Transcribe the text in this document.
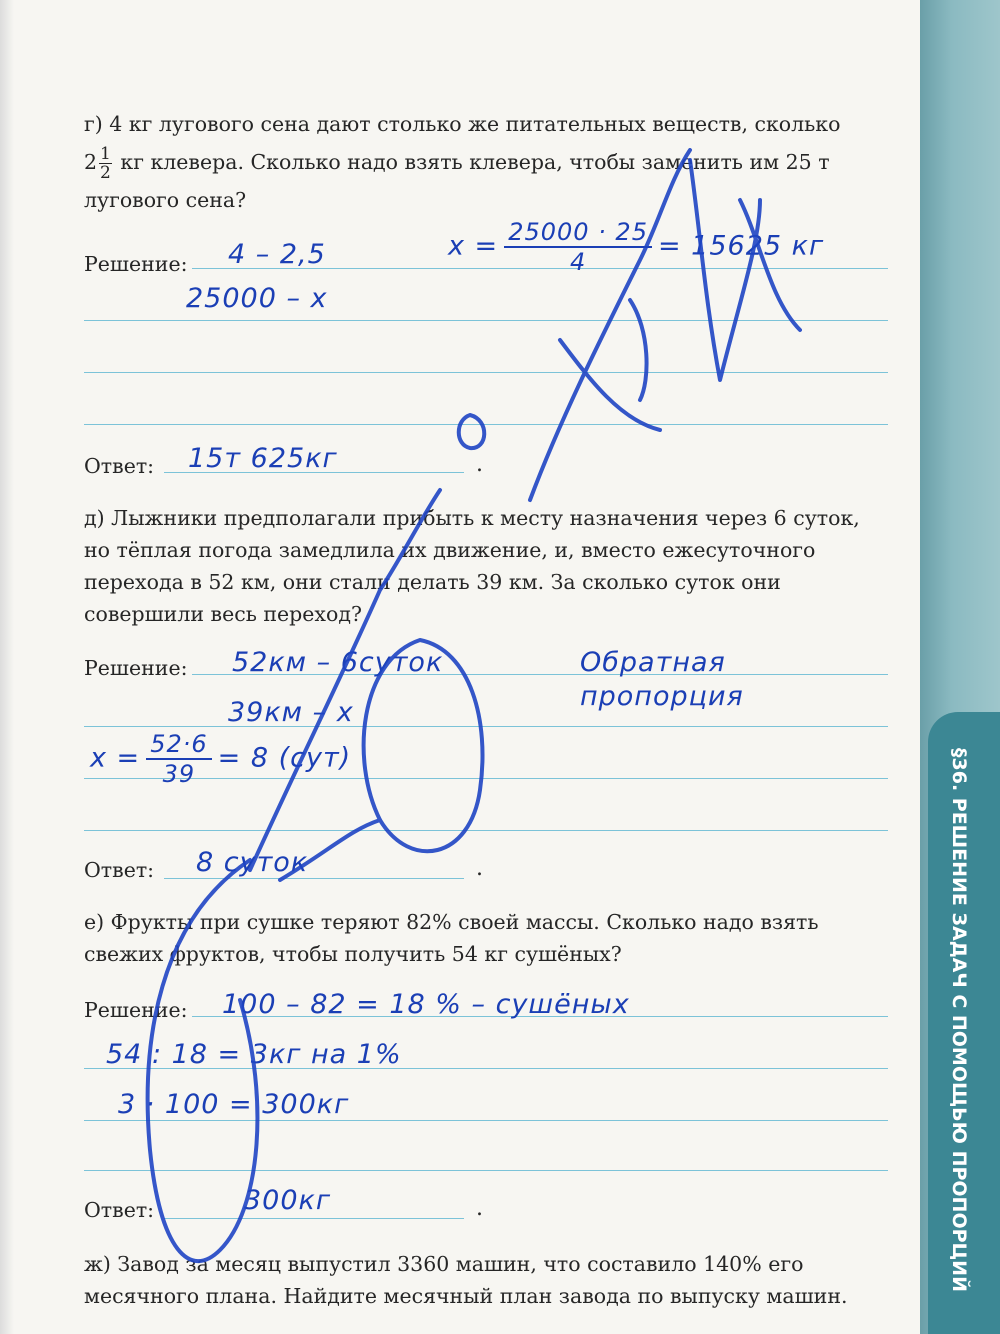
§36. РЕШЕНИЕ ЗАДАЧ С ПОМОЩЬЮ ПРОПОРЦИЙ
г) 4 кг лугового сена дают столько же питательных веществ, сколько
$2 \frac{1}{2}$ кг клевера. Сколько надо взять клевера, чтобы заменить им 25 т
лугового сена?
Решение:
Ответ:	.
4 – 2,5
25000 – x
$x = \frac{25000 \cdot 25}{4} = 15625$ кг
15т 625кг
д) Лыжники предполагали прибыть к месту назначения через 6 суток,
но тёплая погода замедлила их движение, и, вместо ежесуточного
перехода в 52 км, они стали делать 39 км. За сколько суток они
совершили весь переход?
Решение:
Ответ:	.
52км – 6суток
39км – x
$x = \frac{52\cdot 6}{39} = 8$ (сут)
Обратная
пропорция
8 суток
е) Фрукты при сушке теряют 82% своей массы. Сколько надо взять
свежих фруктов, чтобы получить 54 кг сушёных?
Решение:
Ответ:	.
100 – 82 = 18 % – сушёных
54 : 18 = 3кг на 1%
3 · 100 = 300кг
300кг
ж) Завод за месяц выпустил 3360 машин, что составило 140% его
месячного плана. Найдите месячный план завода по выпуску машин.
